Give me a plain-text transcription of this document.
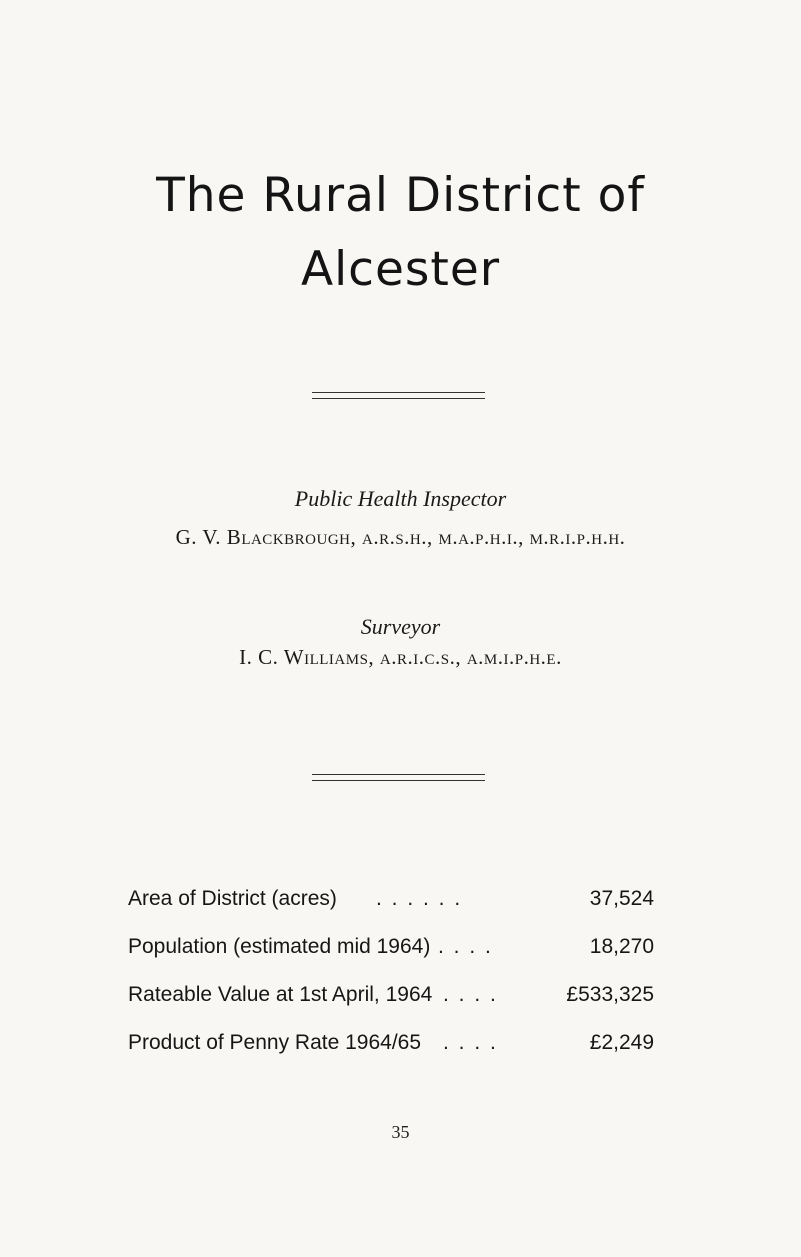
The Rural District of
Alcester
Public Health Inspector
G. V. Blackbrough, a.r.s.h., m.a.p.h.i., m.r.i.p.h.h.
Surveyor
I. C. Williams, a.r.i.c.s., a.m.i.p.h.e.
Area of District (acres) . . . . . .	37,524
Population (estimated mid 1964) . . . .	18,270
Rateable Value at 1st April, 1964 . . . .	£533,325
Product of Penny Rate 1964/65 . . . .	£2,249
35
